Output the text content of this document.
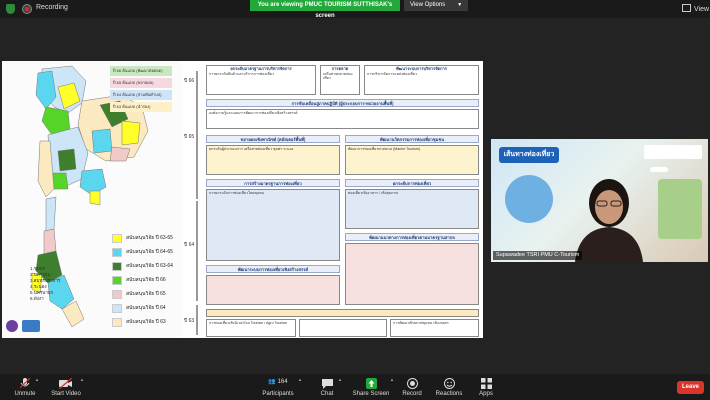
Recording	You are viewing PMUC TOURISM SUTTHISAK's screen
View Options ▼
View
ปี 66 ต้นแบบ (พัฒนาต่อยอด)
ปี 65 ต้นแบบ (ขยายผล)
ปี 64 ต้นแบบ (สามพันตำบล)
ปี 63 ต้นแบบ (นำร่อง)
สนับสนุนวิจัย ปี 63-65
สนับสนุนวิจัย ปี 64-65
สนับสนุนวิจัย ปี 63-64
สนับสนุนวิจัย ปี 66
สนับสนุนวิจัย ปี 65
สนับสนุนวิจัย ปี 64
สนับสนุนวิจัย ปี 63
1.ชุมพร
2.นครปฐม
3.สมุทรปราการ
4.ระนอง
5.นครนายก
6.พังงา
ปี 66
ปี 65
ปี 64
ปี 63
ยกระดับมาตรฐานการบริหารจัดการ
การยกระดับสินค้าและบริการการท่องเที่ยว
การตลาด
เครือข่ายตลาดท่องเที่ยว
พัฒนาระบบการบริหารจัดการ
การบริหารจัดการแหล่งท่องเที่ยว
การขับเคลื่อนสู่ภาคปฏิบัติ (ผู้ประกอบการ-หน่วยงานพื้นที่)
องค์ความรู้และแผนการพัฒนาการท่องเที่ยวเชิงสร้างสรรค์
ขยายผลเชิงพาณิชย์ (คลัสเตอร์พื้นที่)	พัฒนานวัตกรรมการท่องเที่ยวชุมชน
ยกระดับผู้ประกอบการ เครือข่ายท่องเที่ยว ชุมพร ระนอง	พัฒนาการท่องเที่ยวทางทะเล (Marine Tourism)
การสร้างมาตรฐานการท่องเที่ยว	ยกระดับการท่องเที่ยว
การยกระดับการท่องเที่ยวโดยชุมชน	ท่องเที่ยวเชิงอาหาร / เชิงสุขภาพ
พัฒนาแนวทางการท่องเที่ยวตามมาตรฐานสากล
พัฒนาระบบการท่องเที่ยวเชิงสร้างสรรค์
การท่องเที่ยวเชิงนิเวศ Eco Tourism / Agro Tourism	การพัฒนาศักยภาพชุมชน เชิงเกษตร
เส้นทางท่องเที่ยว
Supawadee TSRI PMU C-Tourism
Unmute
▲
Start Video
▲	👥 164
Participants
▲
Chat
▲
Share Screen
▲
Record	Reactions	Apps
Leave
